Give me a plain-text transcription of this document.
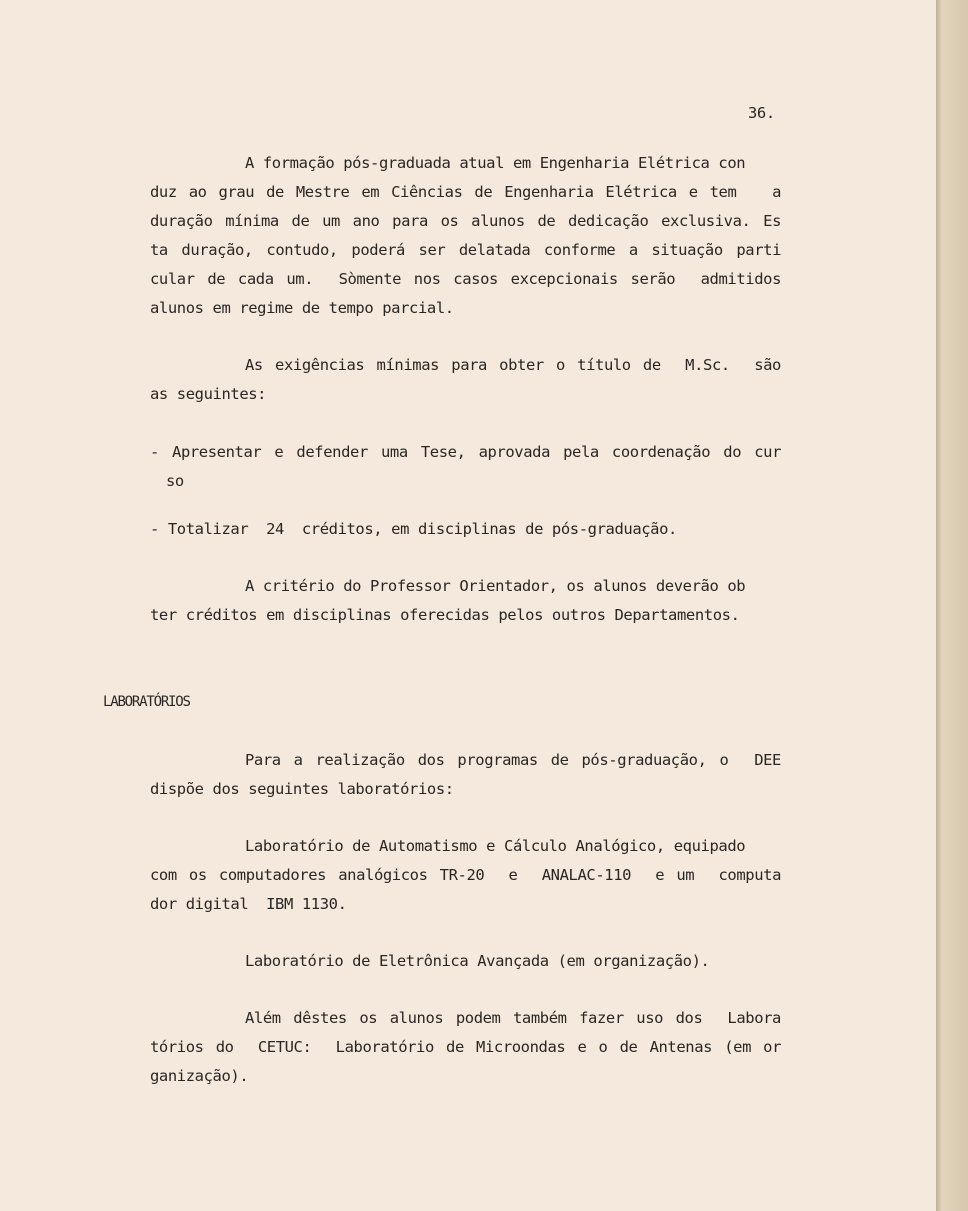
36.

A formação pós-graduada atual em Engenharia Elétrica con

duz ao grau de Mestre em Ciências de Engenharia Elétrica e tem   a

duração mínima de um ano para os alunos de dedicação exclusiva. Es

ta duração, contudo, poderá ser delatada conforme a situação parti

cular de cada um.  Sòmente nos casos excepcionais serão  admitidos

alunos em regime de tempo parcial.

As exigências mínimas para obter o título de  M.Sc.  são

as seguintes:

- Apresentar e defender uma Tese, aprovada pela coordenação do cur

so

- Totalizar  24  créditos, em disciplinas de pós-graduação.

A critério do Professor Orientador, os alunos deverão ob

ter créditos em disciplinas oferecidas pelos outros Departamentos.

LABORATÓRIOS

Para a realização dos programas de pós-graduação, o  DEE

dispõe dos seguintes laboratórios:

Laboratório de Automatismo e Cálculo Analógico, equipado

com os computadores analógicos TR-20  e  ANALAC-110  e um  computa

dor digital  IBM 1130.

Laboratório de Eletrônica Avançada (em organização).

Além dêstes os alunos podem também fazer uso dos  Labora

tórios do  CETUC:  Laboratório de Microondas e o de Antenas (em or

ganização).
